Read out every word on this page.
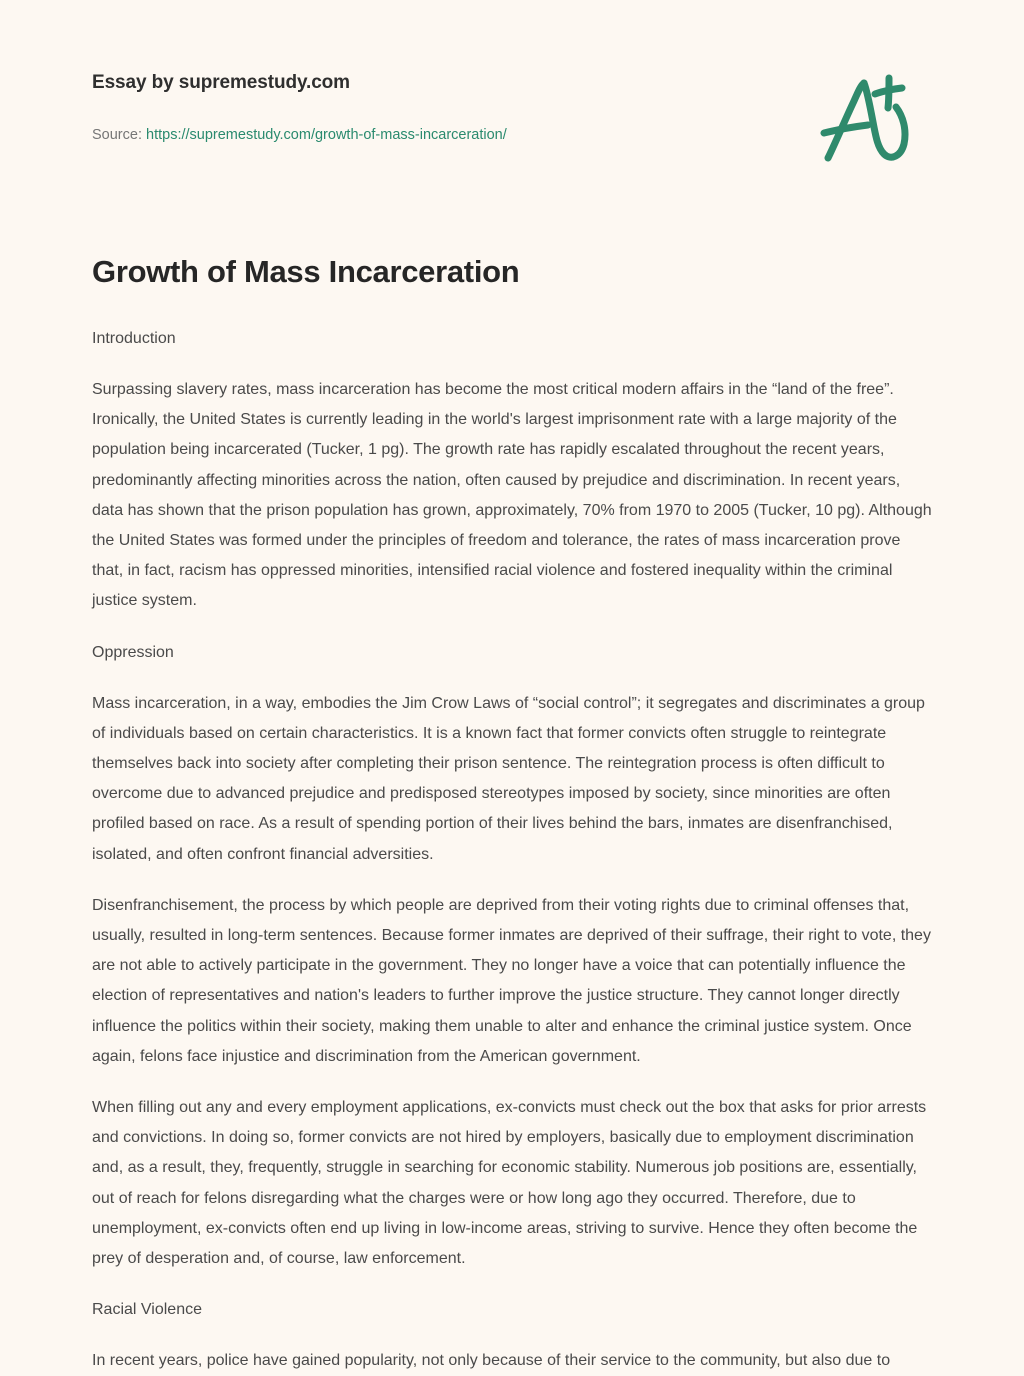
Essay by supremestudy.com
Source: https://supremestudy.com/growth-of-mass-incarceration/
Growth of Mass Incarceration

Introduction

Surpassing slavery rates, mass incarceration has become the most critical modern affairs in the “land of the free”. Ironically, the United States is currently leading in the world's largest imprisonment rate with a large majority of the population being incarcerated (Tucker, 1 pg). The growth rate has rapidly escalated throughout the recent years, predominantly affecting minorities across the nation, often caused by prejudice and discrimination. In recent years, data has shown that the prison population has grown, approximately, 70% from 1970 to 2005 (Tucker, 10 pg). Although the United States was formed under the principles of freedom and tolerance, the rates of mass incarceration prove that, in fact, racism has oppressed minorities, intensified racial violence and fostered inequality within the criminal justice system.

Oppression

Mass incarceration, in a way, embodies the Jim Crow Laws of “social control”; it segregates and discriminates a group of individuals based on certain characteristics. It is a known fact that former convicts often struggle to reintegrate themselves back into society after completing their prison sentence. The reintegration process is often difficult to overcome due to advanced prejudice and predisposed stereotypes imposed by society, since minorities are often profiled based on race. As a result of spending portion of their lives behind the bars, inmates are disenfranchised, isolated, and often confront financial adversities.

Disenfranchisement, the process by which people are deprived from their voting rights due to criminal offenses that, usually, resulted in long-term sentences. Because former inmates are deprived of their suffrage, their right to vote, they are not able to actively participate in the government. They no longer have a voice that can potentially influence the election of representatives and nation's leaders to further improve the justice structure. They cannot longer directly influence the politics within their society, making them unable to alter and enhance the criminal justice system. Once again, felons face injustice and discrimination from the American government.

When filling out any and every employment applications, ex-convicts must check out the box that asks for prior arrests and convictions. In doing so, former convicts are not hired by employers, basically due to employment discrimination and, as a result, they, frequently, struggle in searching for economic stability. Numerous job positions are, essentially, out of reach for felons disregarding what the charges were or how long ago they occurred. Therefore, due to unemployment, ex-convicts often end up living in low-income areas, striving to survive. Hence they often become the prey of desperation and, of course, law enforcement.

Racial Violence

In recent years, police have gained popularity, not only because of their service to the community, but also due to
